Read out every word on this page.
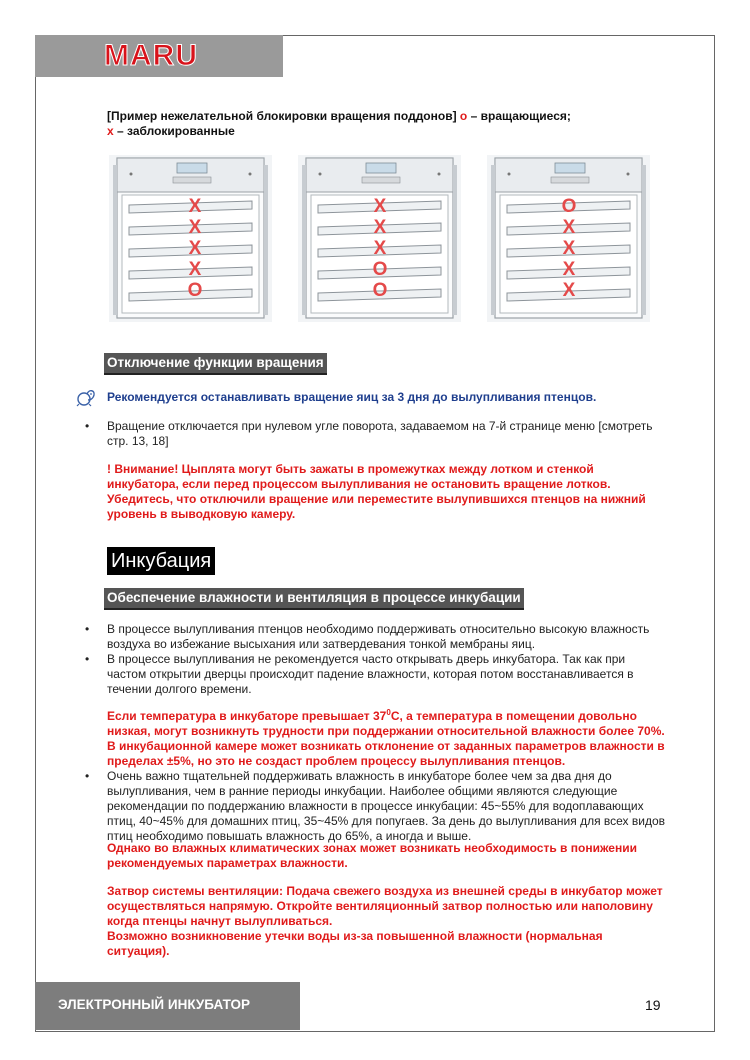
MARU
[Пример нежелательной блокировки вращения поддонов] o – вращающиеся;
x – заблокированные
X
X
X
X
O
X
X
X
O
O
O
X
X
X
X
Отключение функции вращения
Рекомендуется останавливать вращение яиц за 3 дня до вылупливания птенцов.
• Вращение отключается при нулевом угле поворота, задаваемом на 7-й странице меню [смотреть
стр. 13, 18]
! Внимание! Цыплята могут быть зажаты в промежутках между лотком и стенкой
инкубатора, если перед процессом вылупливания не остановить вращение лотков.
Убедитесь, что отключили вращение или переместите вылупившихся птенцов на нижний
уровень в выводковую камеру.
Инкубация
Обеспечение влажности и вентиляция в процессе инкубации
• В процессе вылупливания птенцов необходимо поддерживать относительно высокую влажность
воздуха во избежание высыхания или затвердевания тонкой мембраны яиц.
• В процессе вылупливания не рекомендуется часто открывать дверь инкубатора. Так как при
частом открытии дверцы происходит падение влажности, которая потом восстанавливается в
течении долгого времени.
Если температура в инкубаторе превышает $37^0C$, а температура в помещении довольно
низкая, могут возникнуть трудности при поддержании относительной влажности более 70%.
В инкубационной камере может возникать отклонение от заданных параметров влажности в
пределах ±5%, но это не создаст проблем процессу вылупливания птенцов.
• Очень важно тщательней поддерживать влажность в инкубаторе более чем за два дня до
вылупливания, чем в ранние периоды инкубации. Наиболее общими являются следующие
рекомендации по поддержанию влажности в процессе инкубации: 45~55% для водоплавающих
птиц, 40~45% для домашних птиц, 35~45% для попугаев. За день до вылупливания для всех видов
птиц необходимо повышать влажность до 65%, а иногда и выше.
Однако во влажных климатических зонах может возникать необходимость в понижении
рекомендуемых параметрах влажности.
Затвор системы вентиляции: Подача свежего воздуха из внешней среды в инкубатор может
осуществляться напрямую. Откройте вентиляционный затвор полностью или наполовину
когда птенцы начнут вылупливаться.
Возможно возникновение утечки воды из-за повышенной влажности (нормальная
ситуация).
ЭЛЕКТРОННЫЙ ИНКУБАТОР	19
